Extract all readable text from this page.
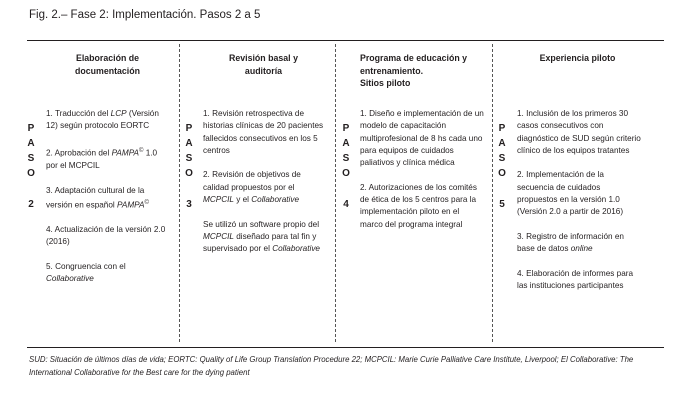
Fig. 2.– Fase 2: Implementación. Pasos 2 a 5
Elaboración de
documentación
Revisión basal y
auditoría
Programa de educación y
entrenamiento.
Sitios piloto
Experiencia piloto
P
A
S
O
2
P
A
S
O
3
P
A
S
O
4
P
A
S
O
5

1. Traducción del LCP (Versión 12) según protocolo EORTC

2. Aprobación del PAMPA© 1.0 por el MCPCIL

3. Adaptación cultural de la versión en español PAMPA©

4. Actualización de la versión 2.0 (2016)

5. Congruencia con el Collaborative

1. Revisión retrospectiva de historias clínicas de 20 pacientes fallecidos consecutivos en los 5 centros

2. Revisión de objetivos de calidad propuestos por el MCPCIL y el Collaborative

Se utilizó un software propio del MCPCIL diseñado para tal fin y supervisado por el Collaborative

1. Diseño e implementación de un modelo de capacitación multiprofesional de 8 hs cada uno para equipos de cuidados paliativos y clínica médica

2. Autorizaciones de los comités de ética de los 5 centros para la implementación piloto en el marco del programa integral

1. Inclusión de los primeros 30 casos consecutivos con diagnóstico de SUD según criterio clínico de los equipos tratantes

2. Implementación de la secuencia de cuidados propuestos en la versión 1.0 (Versión 2.0 a partir de 2016)

3. Registro de información en base de datos online

4. Elaboración de informes para las instituciones participantes

SUD: Situación de últimos días de vida; EORTC: Quality of Life Group Translation Procedure 22; MCPCIL: Marie Curie Palliative Care Institute, Liverpool; El Collaborative: The International Collaborative for the Best care for the dying patient
